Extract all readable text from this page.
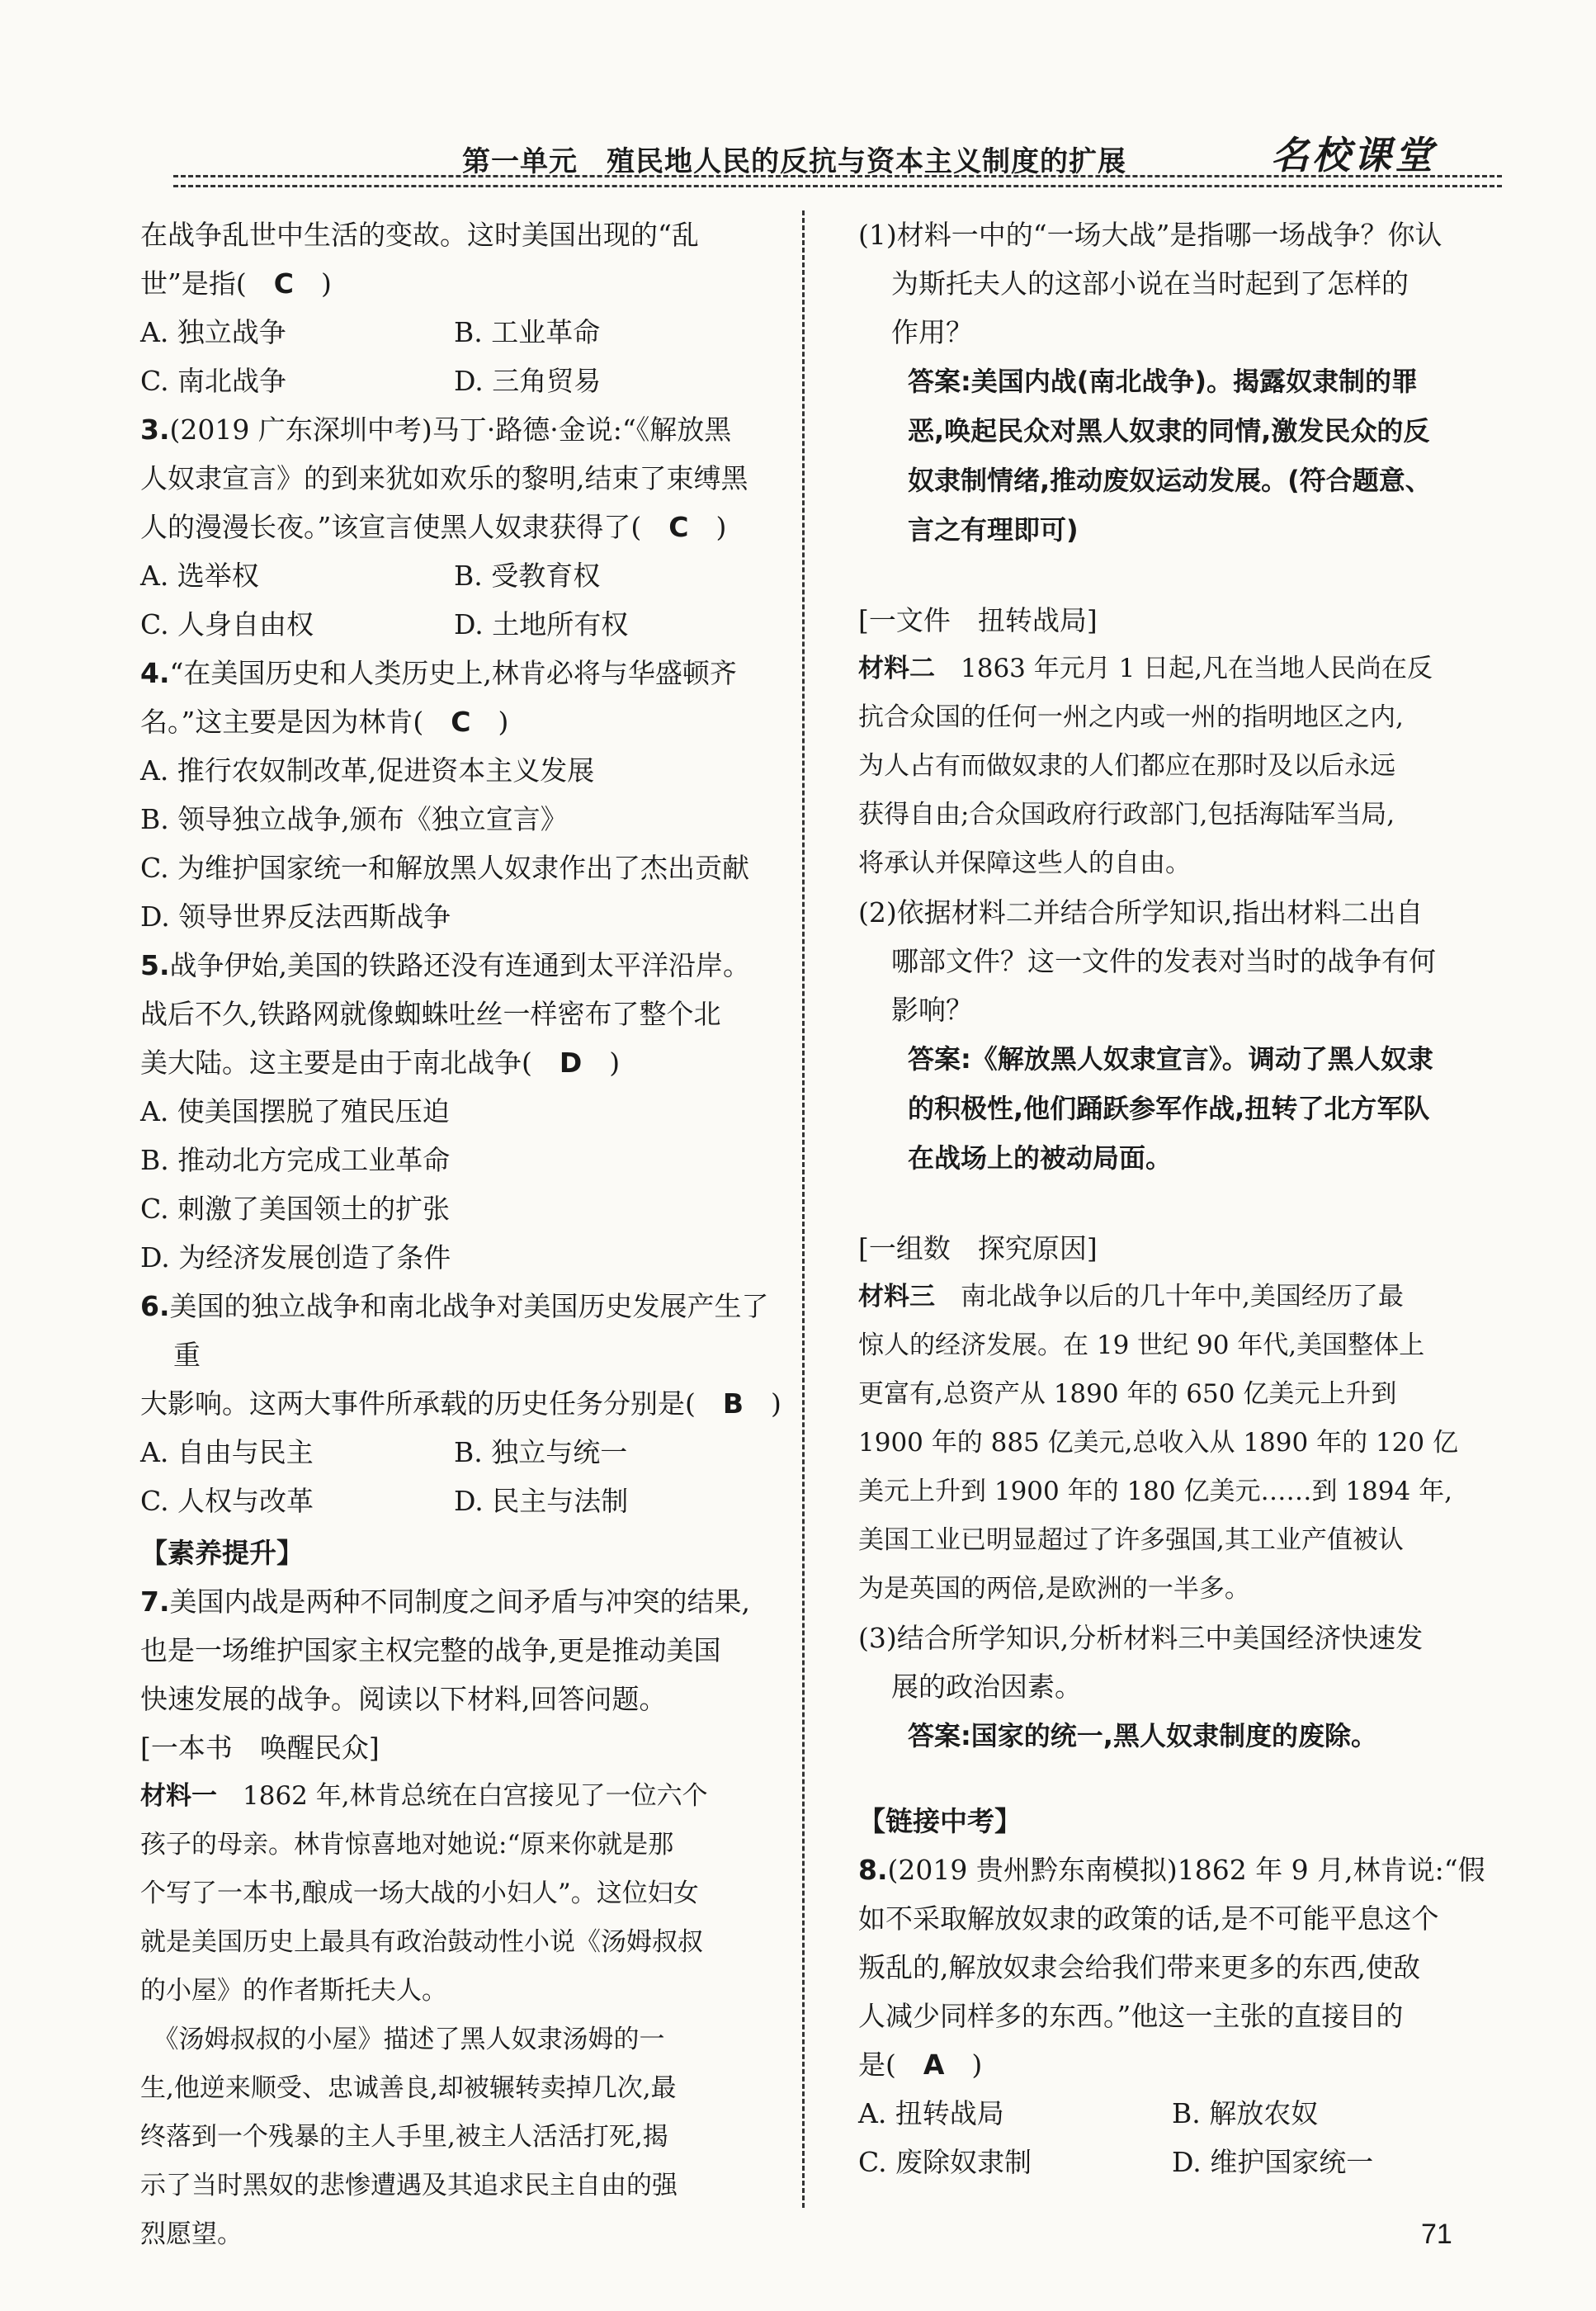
第一单元　殖民地人民的反抗与资本主义制度的扩展	名校课堂

在战争乱世中生活的变故。这时美国出现的“乱

世”是指(　 C　)

A. 独立战争	B. 工业革命
C. 南北战争	D. 三角贸易

3.(2019 广东深圳中考)马丁·路德·金说:“《解放黑

人奴隶宣言》的到来犹如欢乐的黎明,结束了束缚黑

人的漫漫长夜。”该宣言使黑人奴隶获得了(　 C　)

A. 选举权	B. 受教育权
C. 人身自由权	D. 土地所有权

4.“在美国历史和人类历史上,林肯必将与华盛顿齐

名。”这主要是因为林肯(　 C　)

A. 推行农奴制改革,促进资本主义发展

B. 领导独立战争,颁布《独立宣言》

C. 为维护国家统一和解放黑人奴隶作出了杰出贡献

D. 领导世界反法西斯战争

5.战争伊始,美国的铁路还没有连通到太平洋沿岸。

战后不久,铁路网就像蜘蛛吐丝一样密布了整个北

美大陆。这主要是由于南北战争(　 D　)

A. 使美国摆脱了殖民压迫

B. 推动北方完成工业革命

C. 刺激了美国领土的扩张

D. 为经济发展创造了条件

6.美国的独立战争和南北战争对美国历史发展产生了重

大影响。这两大事件所承载的历史任务分别是(　 B　)

A. 自由与民主	B. 独立与统一
C. 人权与改革	D. 民主与法制

【素养提升】

7.美国内战是两种不同制度之间矛盾与冲突的结果,

也是一场维护国家主权完整的战争,更是推动美国

快速发展的战争。阅读以下材料,回答问题。

[一本书　唤醒民众]

材料一　1862 年,林肯总统在白宫接见了一位六个

孩子的母亲。林肯惊喜地对她说:“原来你就是那

个写了一本书,酿成一场大战的小妇人”。这位妇女

就是美国历史上最具有政治鼓动性小说《汤姆叔叔

的小屋》的作者斯托夫人。

　《汤姆叔叔的小屋》描述了黑人奴隶汤姆的一

生,他逆来顺受、忠诚善良,却被辗转卖掉几次,最

终落到一个残暴的主人手里,被主人活活打死,揭

示了当时黑奴的悲惨遭遇及其追求民主自由的强

烈愿望。

(1)材料一中的“一场大战”是指哪一场战争？你认

为斯托夫人的这部小说在当时起到了怎样的

作用？

答案:美国内战(南北战争)。揭露奴隶制的罪

恶,唤起民众对黑人奴隶的同情,激发民众的反

奴隶制情绪,推动废奴运动发展。(符合题意、

言之有理即可)

[一文件　扭转战局]

材料二　1863 年元月 1 日起,凡在当地人民尚在反

抗合众国的任何一州之内或一州的指明地区之内,

为人占有而做奴隶的人们都应在那时及以后永远

获得自由;合众国政府行政部门,包括海陆军当局,

将承认并保障这些人的自由。

(2)依据材料二并结合所学知识,指出材料二出自

哪部文件？这一文件的发表对当时的战争有何

影响？

答案:《解放黑人奴隶宣言》。调动了黑人奴隶

的积极性,他们踊跃参军作战,扭转了北方军队

在战场上的被动局面。

[一组数　探究原因]

材料三　南北战争以后的几十年中,美国经历了最

惊人的经济发展。在 19 世纪 90 年代,美国整体上

更富有,总资产从 1890 年的 650 亿美元上升到

1900 年的 885 亿美元,总收入从 1890 年的 120 亿

美元上升到 1900 年的 180 亿美元……到 1894 年,

美国工业已明显超过了许多强国,其工业产值被认

为是英国的两倍,是欧洲的一半多。

(3)结合所学知识,分析材料三中美国经济快速发

展的政治因素。

答案:国家的统一,黑人奴隶制度的废除。

【链接中考】

8.(2019 贵州黔东南模拟)1862 年 9 月,林肯说:“假

如不采取解放奴隶的政策的话,是不可能平息这个

叛乱的,解放奴隶会给我们带来更多的东西,使敌

人减少同样多的东西。”他这一主张的直接目的

是(　 A　)

A. 扭转战局	B. 解放农奴
C. 废除奴隶制	D. 维护国家统一
71
